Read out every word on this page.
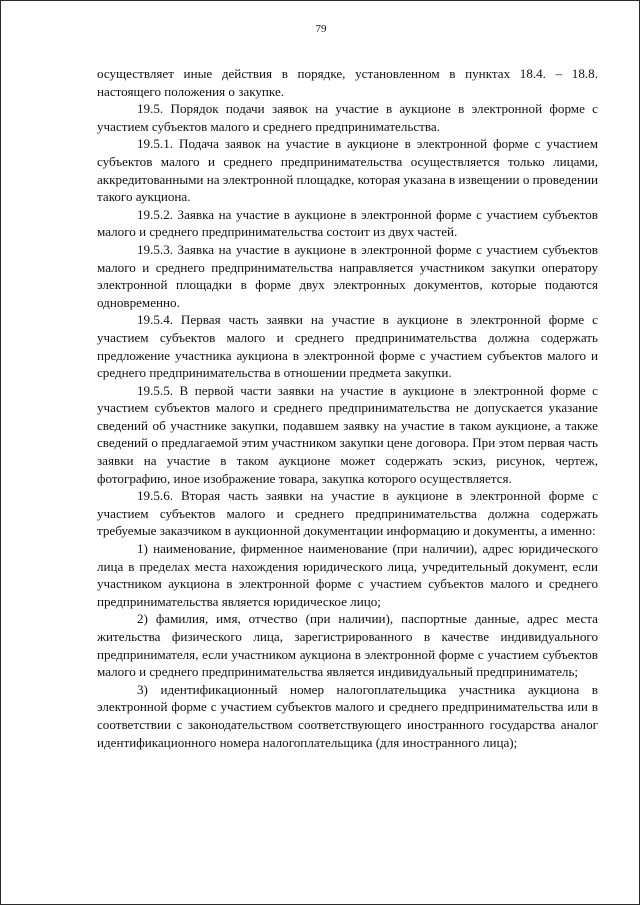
79

осуществляет иные действия в порядке, установленном в пунктах 18.4. – 18.8. настоящего положения о закупке.

19.5. Порядок подачи заявок на участие в аукционе в электронной форме с участием субъектов малого и среднего предпринимательства.

19.5.1. Подача заявок на участие в аукционе в электронной форме с участием субъектов малого и среднего предпринимательства осуществляется только лицами, аккредитованными на электронной площадке, которая указана в извещении о проведении такого аукциона.

19.5.2. Заявка на участие в аукционе в электронной форме с участием субъектов малого и среднего предпринимательства состоит из двух частей.

19.5.3. Заявка на участие в аукционе в электронной форме с участием субъектов малого и среднего предпринимательства направляется участником закупки оператору электронной площадки в форме двух электронных документов, которые подаются одновременно.

19.5.4. Первая часть заявки на участие в аукционе в электронной форме с участием субъектов малого и среднего предпринимательства должна содержать предложение участника аукциона в электронной форме с участием субъектов малого и среднего предпринимательства в отношении предмета закупки.

19.5.5. В первой части заявки на участие в аукционе в электронной форме с участием субъектов малого и среднего предпринимательства не допускается указание сведений об участнике закупки, подавшем заявку на участие в таком аукционе, а также сведений о предлагаемой этим участником закупки цене договора. При этом первая часть заявки на участие в таком аукционе может содержать эскиз, рисунок, чертеж, фотографию, иное изображение товара, закупка которого осуществляется.

19.5.6. Вторая часть заявки на участие в аукционе в электронной форме с участием субъектов малого и среднего предпринимательства должна содержать требуемые заказчиком в аукционной документации информацию и документы, а именно:

1) наименование, фирменное наименование (при наличии), адрес юридического лица в пределах места нахождения юридического лица, учредительный документ, если участником аукциона в электронной форме с участием субъектов малого и среднего предпринимательства является юридическое лицо;

2) фамилия, имя, отчество (при наличии), паспортные данные, адрес места жительства физического лица, зарегистрированного в качестве индивидуального предпринимателя, если участником аукциона в электронной форме с участием субъектов малого и среднего предпринимательства является индивидуальный предприниматель;

3) идентификационный номер налогоплательщика участника аукциона в электронной форме с участием субъектов малого и среднего предпринимательства или в соответствии с законодательством соответствующего иностранного государства аналог идентификационного номера налогоплательщика (для иностранного лица);
